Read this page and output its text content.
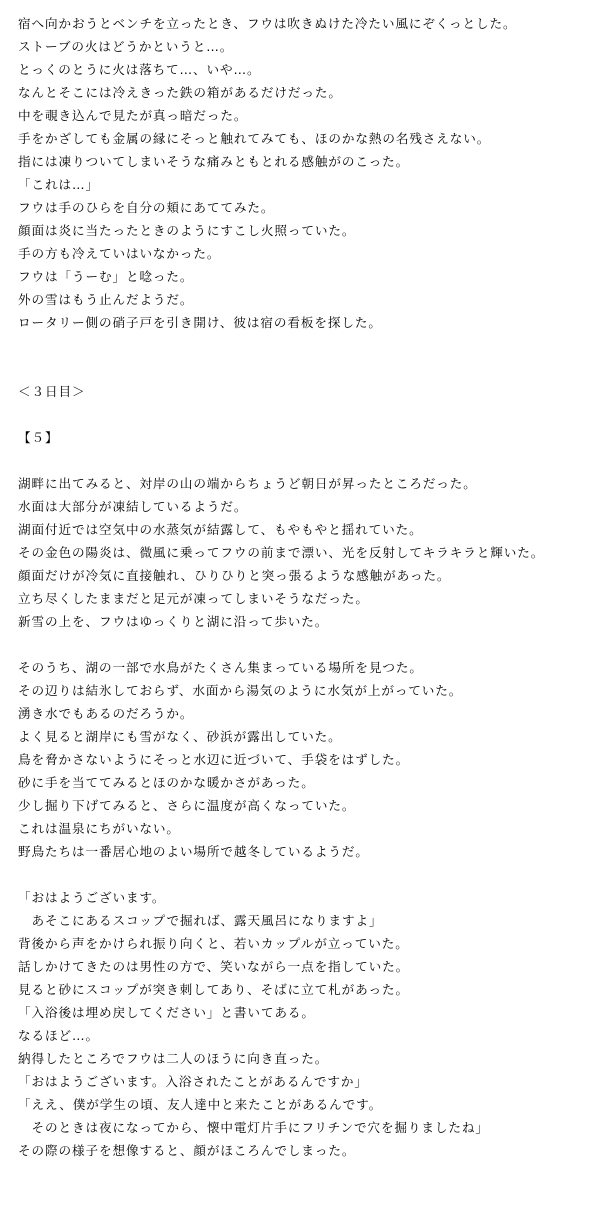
宿へ向かおうとベンチを立ったとき、フウは吹きぬけた冷たい風にぞくっとした。
ストーブの火はどうかというと…。
とっくのとうに火は落ちて…、いや…。
なんとそこには冷えきった鉄の箱があるだけだった。
中を覗き込んで見たが真っ暗だった。
手をかざしても金属の縁にそっと触れてみても、ほのかな熱の名残さえない。
指には凍りついてしまいそうな痛みともとれる感触がのこった。
「これは…」
フウは手のひらを自分の頬にあててみた。
顔面は炎に当たったときのようにすこし火照っていた。
手の方も冷えていはいなかった。
フウは「うーむ」と唸った。
外の雪はもう止んだようだ。
ロータリー側の硝子戸を引き開け、彼は宿の看板を探した。
＜３日目＞
【５】
湖畔に出てみると、対岸の山の端からちょうど朝日が昇ったところだった。
水面は大部分が凍結しているようだ。
湖面付近では空気中の水蒸気が結露して、もやもやと揺れていた。
その金色の陽炎は、微風に乗ってフウの前まで漂い、光を反射してキラキラと輝いた。
顔面だけが冷気に直接触れ、ひりひりと突っ張るような感触があった。
立ち尽くしたままだと足元が凍ってしまいそうなだった。
新雪の上を、フウはゆっくりと湖に沿って歩いた。
そのうち、湖の一部で水鳥がたくさん集まっている場所を見つた。
その辺りは結氷しておらず、水面から湯気のように水気が上がっていた。
湧き水でもあるのだろうか。
よく見ると湖岸にも雪がなく、砂浜が露出していた。
鳥を脅かさないようにそっと水辺に近づいて、手袋をはずした。
砂に手を当ててみるとほのかな暖かさがあった。
少し掘り下げてみると、さらに温度が高くなっていた。
これは温泉にちがいない。
野鳥たちは一番居心地のよい場所で越冬しているようだ。
「おはようございます。
　あそこにあるスコップで掘れば、露天風呂になりますよ」
背後から声をかけられ振り向くと、若いカップルが立っていた。
話しかけてきたのは男性の方で、笑いながら一点を指していた。
見ると砂にスコップが突き刺してあり、そばに立て札があった。
「入浴後は埋め戻してください」と書いてある。
なるほど…。
納得したところでフウは二人のほうに向き直った。
「おはようございます。入浴されたことがあるんですか」
「ええ、僕が学生の頃、友人達中と来たことがあるんです。
　そのときは夜になってから、懐中電灯片手にフリチンで穴を掘りましたね」
その際の様子を想像すると、顔がほころんでしまった。
